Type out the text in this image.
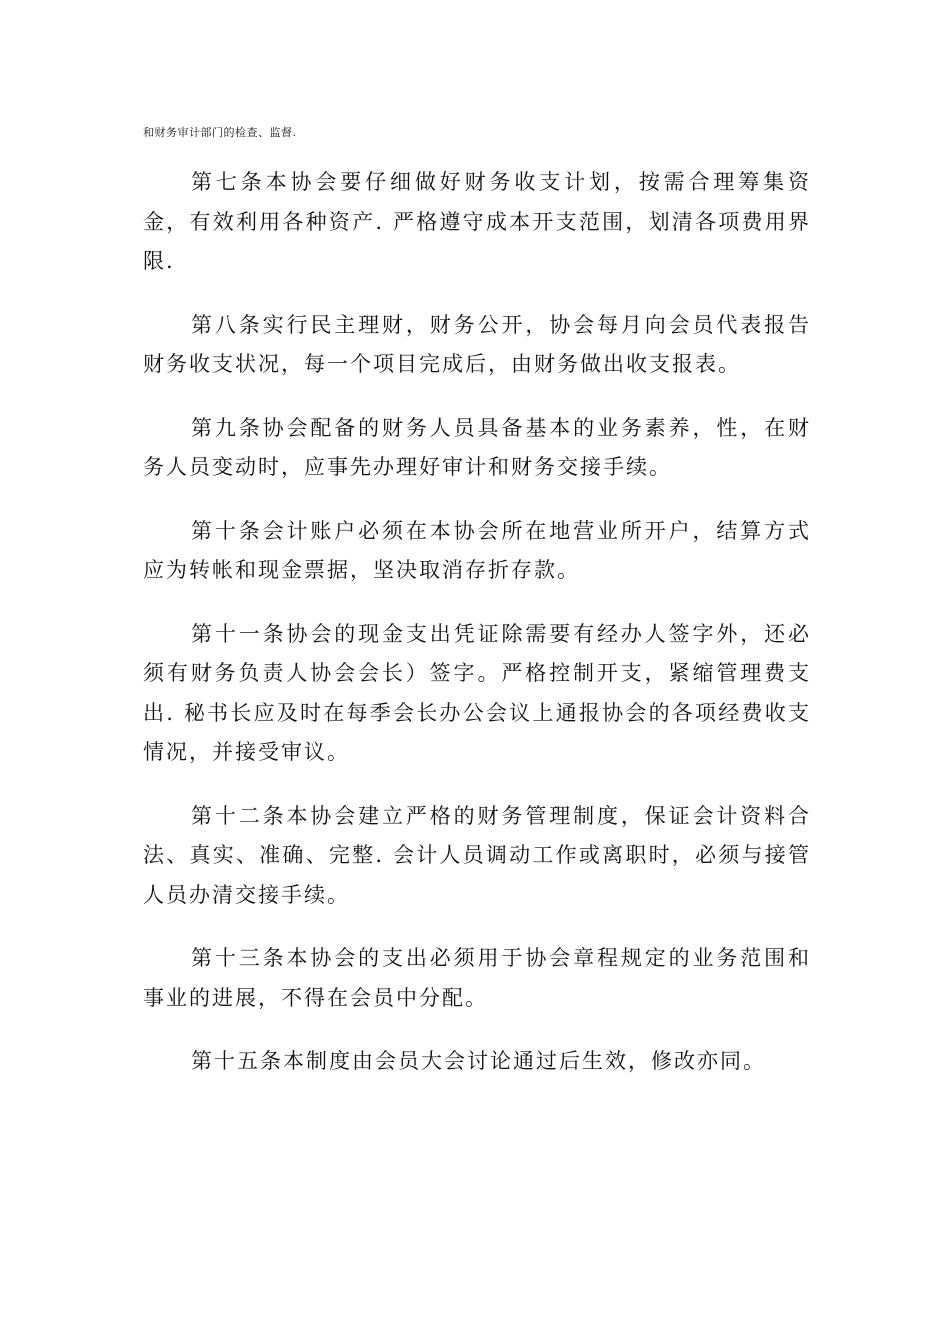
和财务审计部门的检查、监督.

第七条本协会要仔细做好财务收支计划，按需合理筹集资金，有效利用各种资产. 严格遵守成本开支范围，划清各项费用界限.

第八条实行民主理财，财务公开，协会每月向会员代表报告财务收支状况，每一个项目完成后，由财务做出收支报表。

第九条协会配备的财务人员具备基本的业务素养，性，在财务人员变动时，应事先办理好审计和财务交接手续。

第十条会计账户必须在本协会所在地营业所开户，结算方式应为转帐和现金票据，坚决取消存折存款。

第十一条协会的现金支出凭证除需要有经办人签字外，还必须有财务负责人协会会长）签字。严格控制开支，紧缩管理费支出. 秘书长应及时在每季会长办公会议上通报协会的各项经费收支情况，并接受审议。

第十二条本协会建立严格的财务管理制度，保证会计资料合法、真实、准确、完整. 会计人员调动工作或离职时，必须与接管人员办清交接手续。

第十三条本协会的支出必须用于协会章程规定的业务范围和事业的进展，不得在会员中分配。

第十五条本制度由会员大会讨论通过后生效，修改亦同。
